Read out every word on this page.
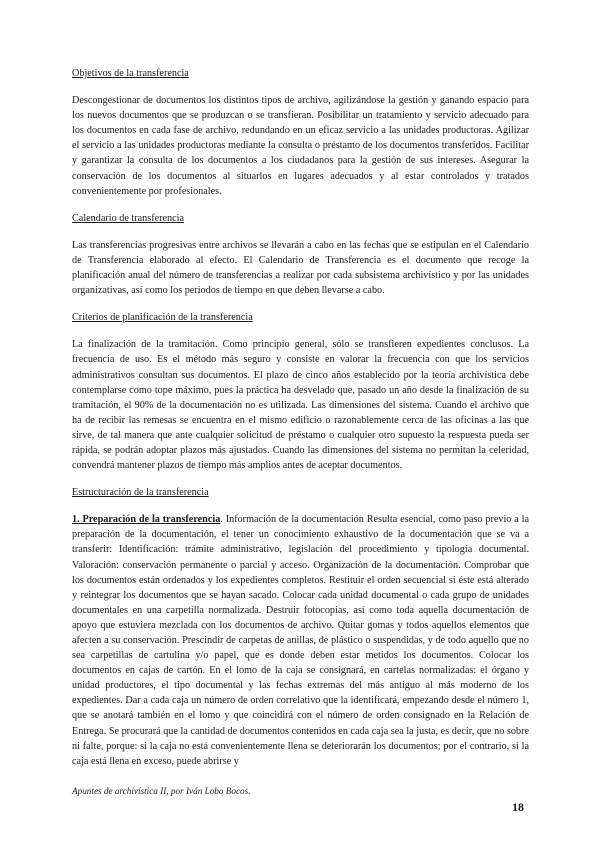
Objetivos de la transferencia

Descongestionar de documentos los distintos tipos de archivo, agilizándose la gestión y ganando espacio para los nuevos documentos que se produzcan o se transfieran. Posibilitar un tratamiento y servicio adecuado para los documentos en cada fase de archivo, redundando en un eficaz servicio a las unidades productoras. Agilizar el servicio a las unidades productoras mediante la consulta o préstamo de los documentos transferidos. Facilitar y garantizar la consulta de los documentos a los ciudadanos para la gestión de sus intereses. Asegurar la conservación de los documentos al situarlos en lugares adecuados y al estar controlados y tratados convenientemente por profesionales.

Calendario de transferencia

Las transferencias progresivas entre archivos se llevarán a cabo en las fechas que se estipulan en el Calendario de Transferencia elaborado al efecto. El Calendario de Transferencia es el documento que recoge la planificación anual del número de transferencias a realizar por cada subsistema archivístico y por las unidades organizativas, así como los periodos de tiempo en que deben llevarse a cabo.

Criterios de planificación de la transferencia

La finalización de la tramitación. Como principio general, sólo se transfieren expedientes conclusos. La frecuencia de uso. Es el método más seguro y consiste en valorar la frecuencia con que los servicios administrativos consultan sus documentos. El plazo de cinco años establecido por la teoría archivística debe contemplarse como tope máximo, pues la práctica ha desvelado que, pasado un año desde la finalización de su tramitación, el 90% de la documentación no es utilizada. Las dimensiones del sistema. Cuando el archivo que ha de recibir las remesas se encuentra en el mismo edificio o razonablemente cerca de las oficinas a las que sirve, de tal manera que ante cualquier solicitud de préstamo o cualquier otro supuesto la respuesta pueda ser rápida, se podrán adoptar plazos más ajustados. Cuando las dimensiones del sistema no permitan la celeridad, convendrá mantener plazos de tiempo más amplios antes de aceptar documentos.

Estructuración de la transferencia

1. Preparación de la transferencia. Información de la documentación Resulta esencial, como paso previo a la preparación de la documentación, el tener un conocimiento exhaustivo de la documentación que se va a transferir: Identificación: trámite administrativo, legislación del procedimiento y tipología documental. Valoración: conservación permanente o parcial y acceso. Organización de la documentación. Comprobar que los documentos están ordenados y los expedientes completos. Restituir el orden secuencial si éste está alterado y reintegrar los documentos que se hayan sacado. Colocar cada unidad documental o cada grupo de unidades documentales en una carpetilla normalizada. Destruir fotocopias, así como toda aquella documentación de apoyo que estuviera mezclada con los documentos de archivo. Quitar gomas y todos aquellos elementos que afecten a su conservación. Prescindir de carpetas de anillas, de plástico o suspendidas, y de todo aquello que no sea carpetillas de cartulina y/o papel, que es donde deben estar metidos los documentos. Colocar los documentos en cajas de cartón. En el lomo de la caja se consignará, en cartelas normalizadas: el órgano y unidad productores, el tipo documental y las fechas extremas del más antiguo al más moderno de los expedientes. Dar a cada caja un número de orden correlativo que la identificará, empezando desde el número 1, que se anotará también en el lomo y que coincidirá con el número de orden consignado en la Relación de Entrega. Se procurará que la cantidad de documentos contenidos en cada caja sea la justa, es decir, que no sobre ni falte, porque: si la caja no está convenientemente llena se deteriorarán los documentos; por el contrario, si la caja está llena en exceso, puede abrirse y

Apuntes de archivística II, por Iván Lobo Bocos.
18
